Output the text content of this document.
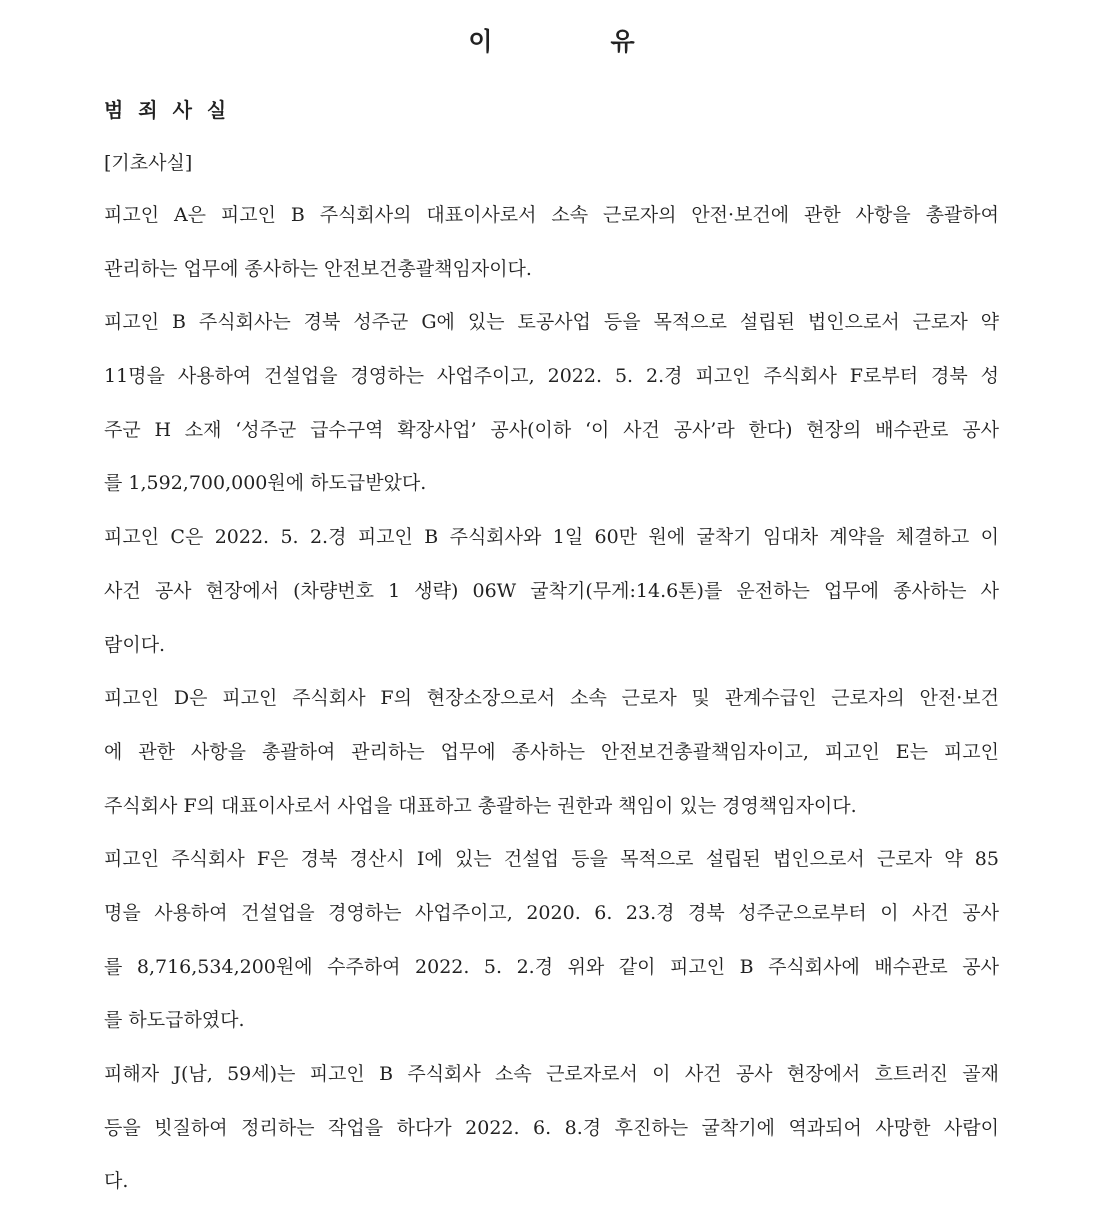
이	유
범 죄 사 실
[기초사실]
피고인 A은 피고인 B 주식회사의 대표이사로서 소속 근로자의 안전·보건에 관한 사항을 총괄하여
관리하는 업무에 종사하는 안전보건총괄책임자이다.
피고인 B 주식회사는 경북 성주군 G에 있는 토공사업 등을 목적으로 설립된 법인으로서 근로자 약
11명을 사용하여 건설업을 경영하는 사업주이고, 2022. 5. 2.경 피고인 주식회사 F로부터 경북 성
주군 H 소재 ‘성주군 급수구역 확장사업’ 공사(이하 ‘이 사건 공사’라 한다) 현장의 배수관로 공사
를 1,592,700,000원에 하도급받았다.
피고인 C은 2022. 5. 2.경 피고인 B 주식회사와 1일 60만 원에 굴착기 임대차 계약을 체결하고 이
사건 공사 현장에서 (차량번호 1 생략) 06W 굴착기(무게:14.6톤)를 운전하는 업무에 종사하는 사
람이다.
피고인 D은 피고인 주식회사 F의 현장소장으로서 소속 근로자 및 관계수급인 근로자의 안전·보건
에 관한 사항을 총괄하여 관리하는 업무에 종사하는 안전보건총괄책임자이고, 피고인 E는 피고인
주식회사 F의 대표이사로서 사업을 대표하고 총괄하는 권한과 책임이 있는 경영책임자이다.
피고인 주식회사 F은 경북 경산시 I에 있는 건설업 등을 목적으로 설립된 법인으로서 근로자 약 85
명을 사용하여 건설업을 경영하는 사업주이고, 2020. 6. 23.경 경북 성주군으로부터 이 사건 공사
를 8,716,534,200원에 수주하여 2022. 5. 2.경 위와 같이 피고인 B 주식회사에 배수관로 공사
를 하도급하였다.
피해자 J(남, 59세)는 피고인 B 주식회사 소속 근로자로서 이 사건 공사 현장에서 흐트러진 골재
등을 빗질하여 정리하는 작업을 하다가 2022. 6. 8.경 후진하는 굴착기에 역과되어 사망한 사람이
다.
